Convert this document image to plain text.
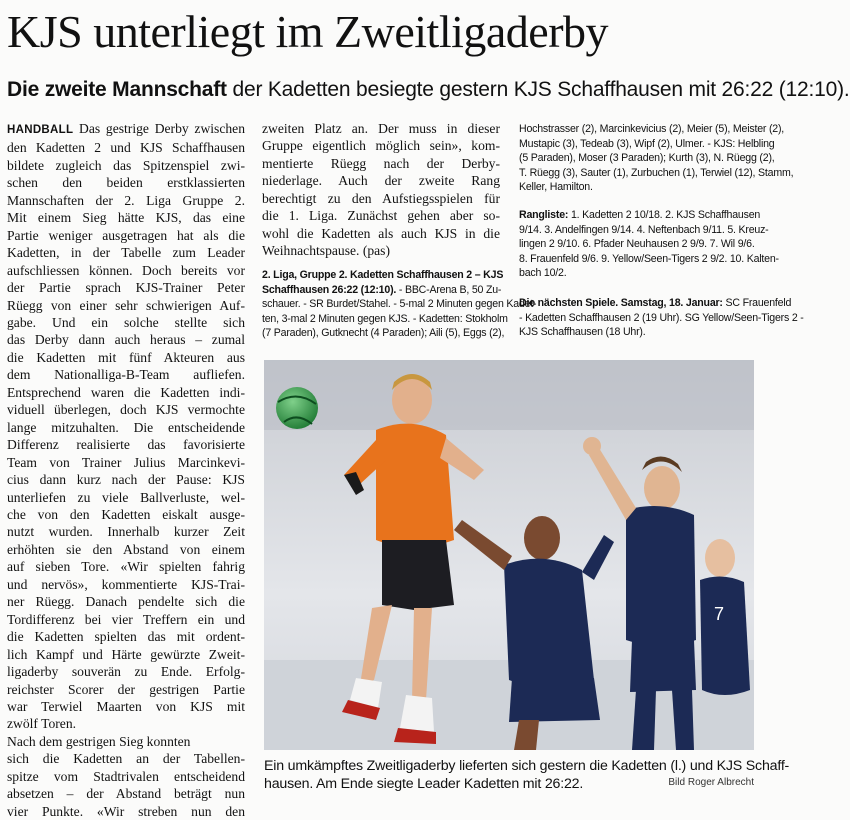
KJS unterliegt im Zweitligaderby
Die zweite Mannschaft der Kadetten besiegte gestern KJS Schaffhausen mit 26:22 (12:10).
HANDBALL Das gestrige Derby zwischen
den Kadetten 2 und KJS Schaffhausen
bildete zugleich das Spitzenspiel zwi-
schen den beiden erstklassierten
Mannschaften der 2. Liga Gruppe 2.
Mit einem Sieg hätte KJS, das eine
Partie weniger ausgetragen hat als die
Kadetten, in der Tabelle zum Leader
aufschliessen können. Doch bereits vor
der Partie sprach KJS-Trainer Peter
Rüegg von einer sehr schwierigen Auf-
gabe. Und ein solche stellte sich
das Derby dann auch heraus – zumal
die Kadetten mit fünf Akteuren aus
dem Nationalliga-B-Team aufliefen.
Entsprechend waren die Kadetten indi-
viduell überlegen, doch KJS vermochte
lange mitzuhalten. Die entscheidende
Differenz realisierte das favorisierte
Team von Trainer Julius Marcinkevi-
cius dann kurz nach der Pause: KJS
unterliefen zu viele Ballverluste, wel-
che von den Kadetten eiskalt ausge-
nutzt wurden. Innerhalb kurzer Zeit
erhöhten sie den Abstand von einem
auf sieben Tore. «Wir spielten fahrig
und nervös», kommentierte KJS-Trai-
ner Rüegg. Danach pendelte sich die
Tordifferenz bei vier Treffern ein und
die Kadetten spielten das mit ordent-
lich Kampf und Härte gewürzte Zweit-
ligaderby souverän zu Ende. Erfolg-
reichster Scorer der gestrigen Partie
war Terwiel Maarten von KJS mit
zwölf Toren.
Nach dem gestrigen Sieg konnten
sich die Kadetten an der Tabellen-
spitze vom Stadtrivalen entscheidend
absetzen – der Abstand beträgt nun
vier Punkte. «Wir streben nun den
zweiten Platz an. Der muss in dieser
Gruppe eigentlich möglich sein», kom-
mentierte Rüegg nach der Derby-
niederlage. Auch der zweite Rang
berechtigt zu den Aufstiegsspielen für
die 1. Liga. Zunächst gehen aber so-
wohl die Kadetten als auch KJS in die
Weihnachtspause. (pas)
2. Liga, Gruppe 2. Kadetten Schaffhausen 2 – KJS
Schaffhausen 26:22 (12:10). - BBC-Arena B, 50 Zu-
schauer. - SR Burdet/Stahel. - 5-mal 2 Minuten gegen Kadet-
ten, 3-mal 2 Minuten gegen KJS. - Kadetten: Stokholm
(7 Paraden), Gutknecht (4 Paraden); Aili (5), Eggs (2),
Hochstrasser (2), Marcinkevicius (2), Meier (5), Meister (2),
Mustapic (3), Tedeab (3), Wipf (2), Ulmer. - KJS: Helbling
(5 Paraden), Moser (3 Paraden); Kurth (3), N. Rüegg (2),
T. Rüegg (3), Sauter (1), Zurbuchen (1), Terwiel (12), Stamm,
Keller, Hamilton.
Rangliste: 1. Kadetten 2 10/18. 2. KJS Schaffhausen
9/14. 3. Andelfingen 9/14. 4. Neftenbach 9/11. 5. Kreuz-
lingen 2 9/10. 6. Pfader Neuhausen 2 9/9. 7. Wil 9/6.
8. Frauenfeld 9/6. 9. Yellow/Seen-Tigers 2 9/2. 10. Kalten-
bach 10/2.
Die nächsten Spiele. Samstag, 18. Januar: SC Frauenfeld
- Kadetten Schaffhausen 2 (19 Uhr). SG Yellow/Seen-Tigers 2 -
KJS Schaffhausen (18 Uhr).
7
Ein umkämpftes Zweitligaderby lieferten sich gestern die Kadetten (l.) und KJS Schaff-
hausen. Am Ende siegte Leader Kadetten mit 26:22.	Bild Roger Albrecht
